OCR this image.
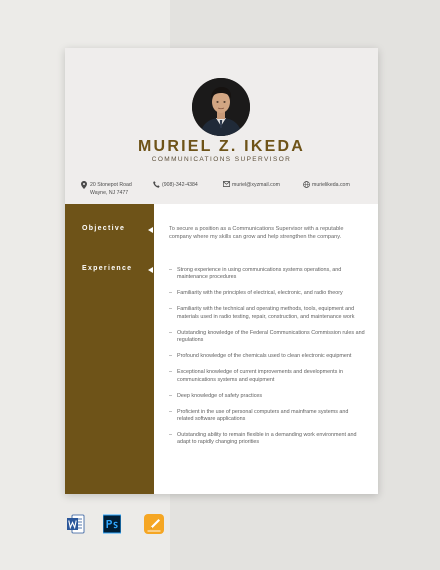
MURIEL Z. IKEDA
COMMUNICATIONS SUPERVISOR
20 Stonepot Road
Wayne, NJ 7477
(908)-342-4384	muriel@xyzmail.com	murielikeda.com
Objective
Experience
To secure a position as a Communications Supervisor with a reputable company where my skills can grow and help strengthen the company.
– Strong experience in using communications systems operations, and maintenance procedures
– Familiarity with the principles of electrical, electronic, and radio theory
– Familiarity with the technical and operating methods, tools, equipment and materials used in radio testing, repair, construction, and maintenance work
– Outstanding knowledge of the Federal Communications Commission rules and regulations
– Profound knowledge of the chemicals used to clean electronic equipment
– Exceptional knowledge of current improvements and developments in communications systems and equipment
– Deep knowledge of safety practices
– Proficient in the use of personal computers and mainframe systems and related software applications
– Outstanding ability to remain flexible in a demanding work environment and adapt to rapidly changing priorities
